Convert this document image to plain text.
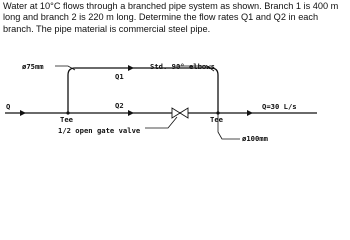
Water at 10°C flows through a branched pipe system as shown. Branch 1 is 400 m long and branch 2 is 220 m long. Determine the flow rates Q1 and Q2 in each branch. The pipe material is commercial steel pipe.
ø75mm	Std. 90° elbows
Q1
Q2
Q
Tee	Tee
1/2 open gate valve
Q=30 L/s
ø100mm
